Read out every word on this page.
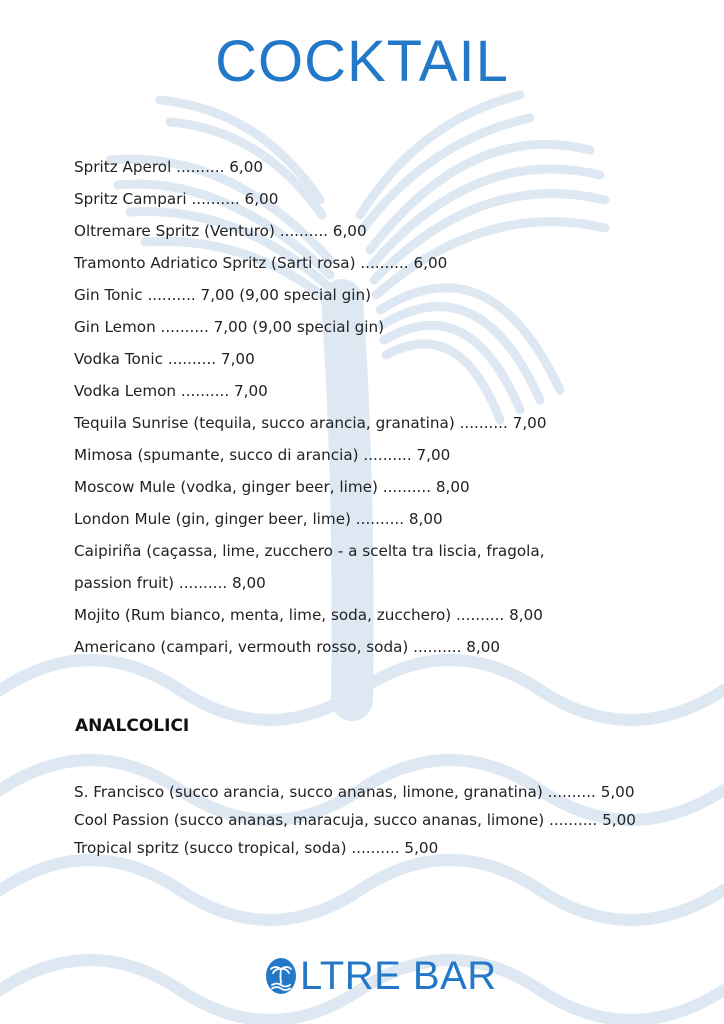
COCKTAIL
Spritz Aperol .......... 6,00
Spritz Campari .......... 6,00
Oltremare Spritz (Venturo) .......... 6,00
Tramonto Adriatico Spritz (Sarti rosa) .......... 6,00
Gin Tonic .......... 7,00 (9,00 special gin)
Gin Lemon .......... 7,00 (9,00 special gin)
Vodka Tonic .......... 7,00
Vodka Lemon .......... 7,00
Tequila Sunrise (tequila, succo arancia, granatina) .......... 7,00
Mimosa (spumante, succo di arancia) .......... 7,00
Moscow Mule (vodka, ginger beer, lime) .......... 8,00
London Mule (gin, ginger beer, lime) .......... 8,00
Caipiriña (caçassa, lime, zucchero - a scelta tra liscia, fragola,
passion fruit) .......... 8,00
Mojito (Rum bianco, menta, lime, soda, zucchero) .......... 8,00
Americano (campari, vermouth rosso, soda) .......... 8,00
ANALCOLICI
S. Francisco (succo arancia, succo ananas, limone, granatina) .......... 5,00
Cool Passion (succo ananas, maracuja, succo ananas, limone) .......... 5,00
Tropical spritz (succo tropical, soda) .......... 5,00
LTRE BAR
